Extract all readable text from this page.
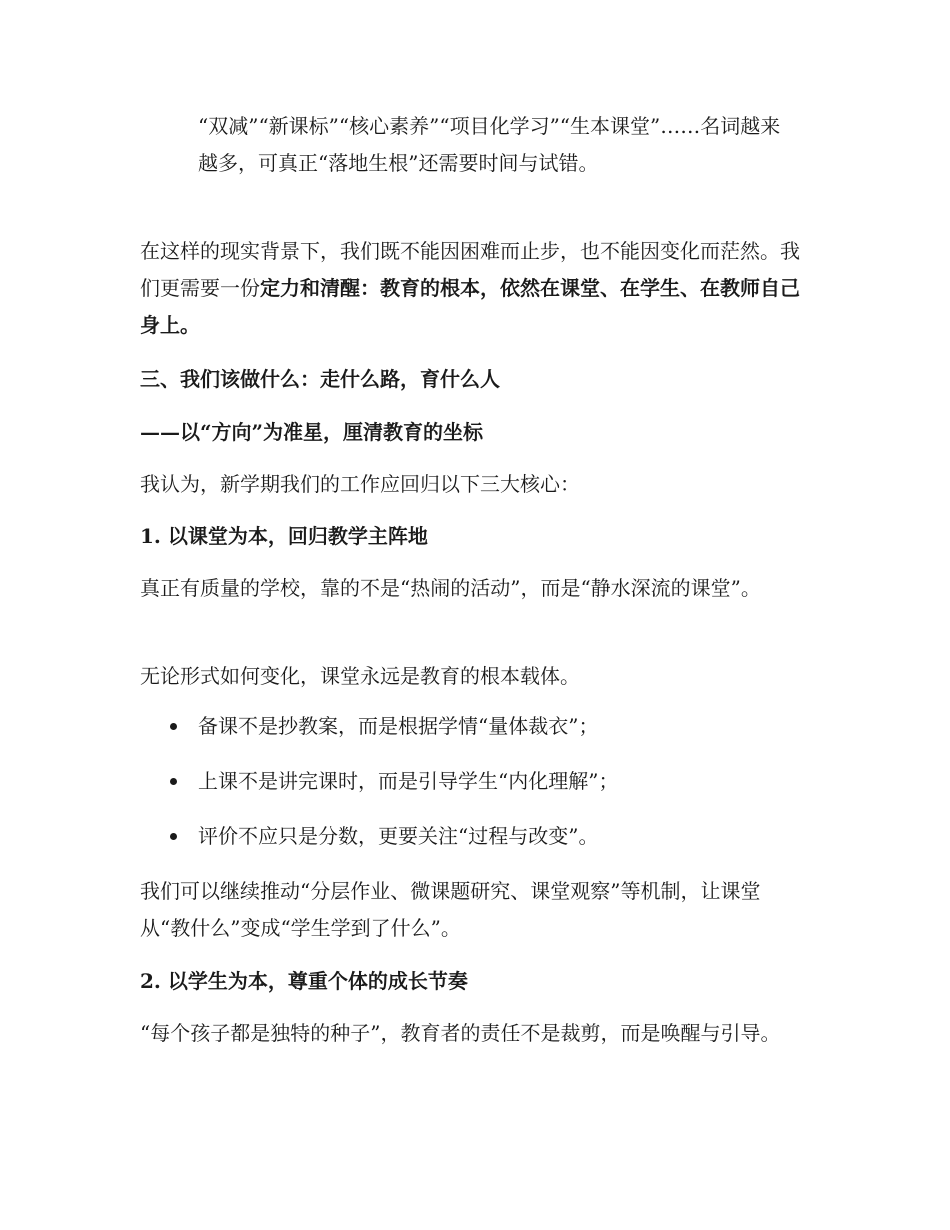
“双减”“新课标”“核心素养”“项目化学习”“生本课堂”……名词越来越多，可真正“落地生根”还需要时间与试错。

在这样的现实背景下，我们既不能因困难而止步，也不能因变化而茫然。我们更需要一份定力和清醒：教育的根本，依然在课堂、在学生、在教师自己身上。

三、我们该做什么：走什么路，育什么人
——以“方向”为准星，厘清教育的坐标

我认为，新学期我们的工作应回归以下三大核心：

1. 以课堂为本，回归教学主阵地

真正有质量的学校，靠的不是“热闹的活动”，而是“静水深流的课堂”。

无论形式如何变化，课堂永远是教育的根本载体。

备课不是抄教案，而是根据学情“量体裁衣”；
上课不是讲完课时，而是引导学生“内化理解”；
评价不应只是分数，更要关注“过程与改变”。

我们可以继续推动“分层作业、微课题研究、课堂观察”等机制，让课堂从“教什么”变成“学生学到了什么”。

2. 以学生为本，尊重个体的成长节奏

“每个孩子都是独特的种子”，教育者的责任不是裁剪，而是唤醒与引导。
